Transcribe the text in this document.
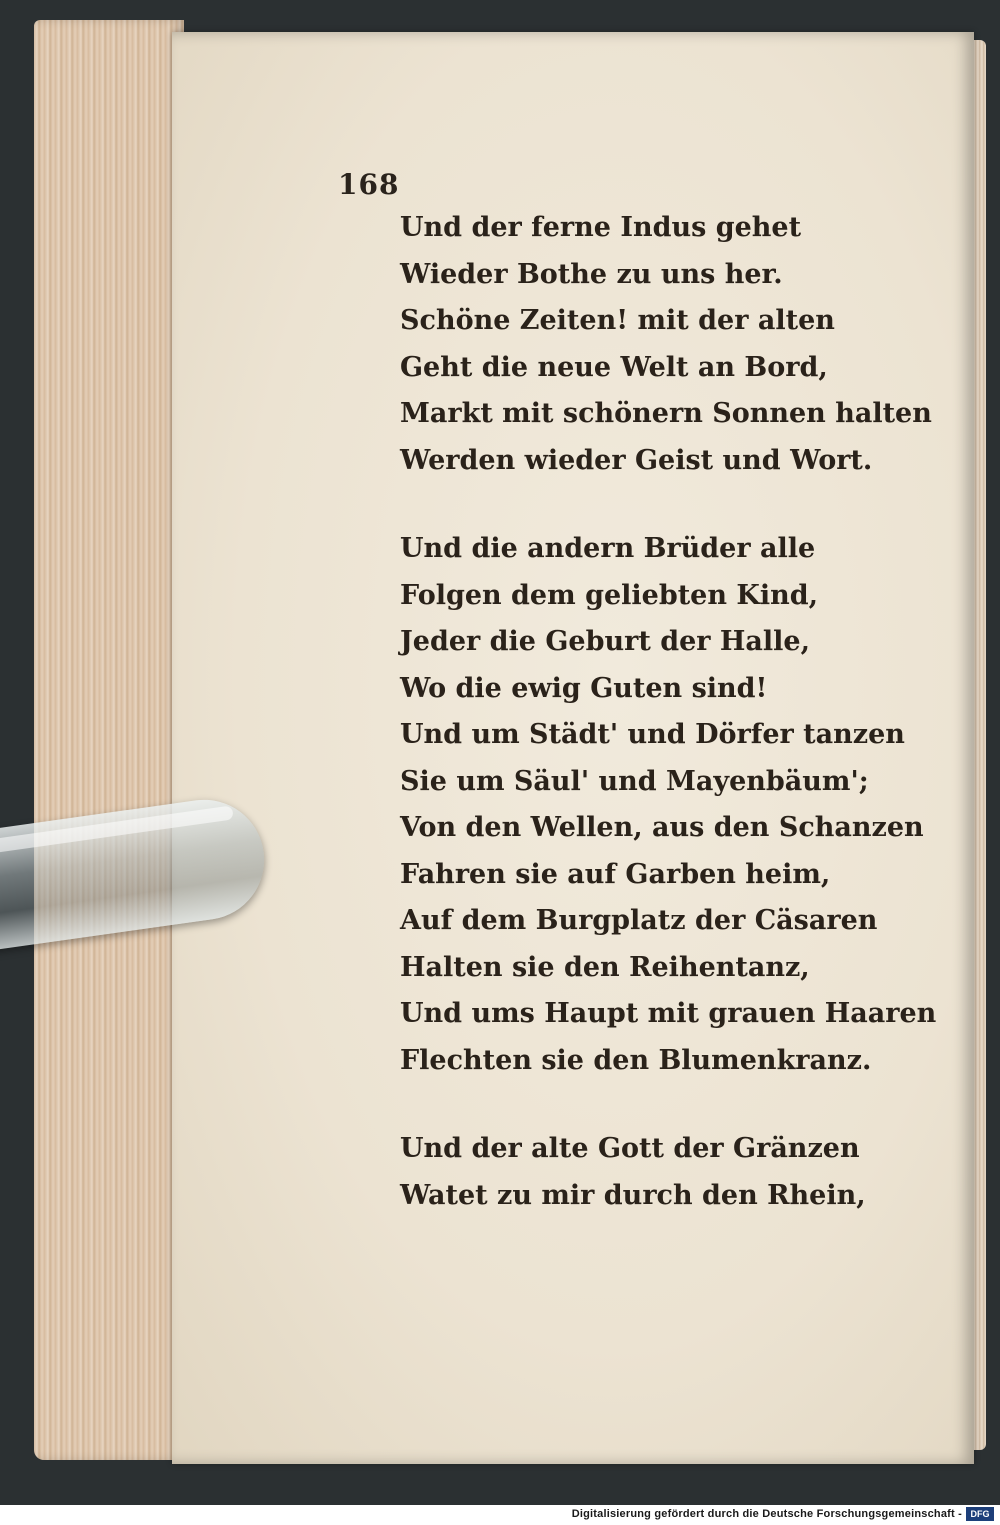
168
Und der ferne Indus gehet
Wieder Bothe zu uns her.
Schöne Zeiten! mit der alten
Geht die neue Welt an Bord,
Markt mit schönern Sonnen halten
Werden wieder Geist und Wort.
Und die andern Brüder alle
Folgen dem geliebten Kind,
Jeder die Geburt der Halle,
Wo die ewig Guten sind!
Und um Städt' und Dörfer tanzen
Sie um Säul' und Mayenbäum';
Von den Wellen, aus den Schanzen
Fahren sie auf Garben heim,
Auf dem Burgplatz der Cäsaren
Halten sie den Reihentanz,
Und ums Haupt mit grauen Haaren
Flechten sie den Blumenkranz.
Und der alte Gott der Gränzen
Watet zu mir durch den Rhein,
Digitalisierung gefördert durch die Deutsche Forschungsgemeinschaft - DFG
